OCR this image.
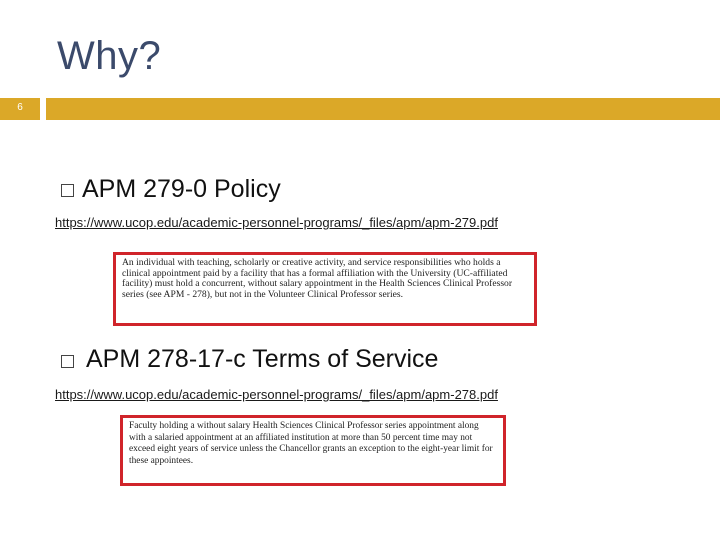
Why?
6
APM 279-0 Policy
https://www.ucop.edu/academic-personnel-programs/_files/apm/apm-279.pdf

An individual with teaching, scholarly or creative activity, and service responsibilities who holds a clinical appointment paid by a facility that has a formal affiliation with the University (UC-affiliated facility) must hold a concurrent, without salary appointment in the Health Sciences Clinical Professor series (see APM - 278), but not in the Volunteer Clinical Professor series.

APM 278-17-c Terms of Service
https://www.ucop.edu/academic-personnel-programs/_files/apm/apm-278.pdf

Faculty holding a without salary Health Sciences Clinical Professor series appointment along with a salaried appointment at an affiliated institution at more than 50 percent time may not exceed eight years of service unless the Chancellor grants an exception to the eight-year limit for these appointees.
